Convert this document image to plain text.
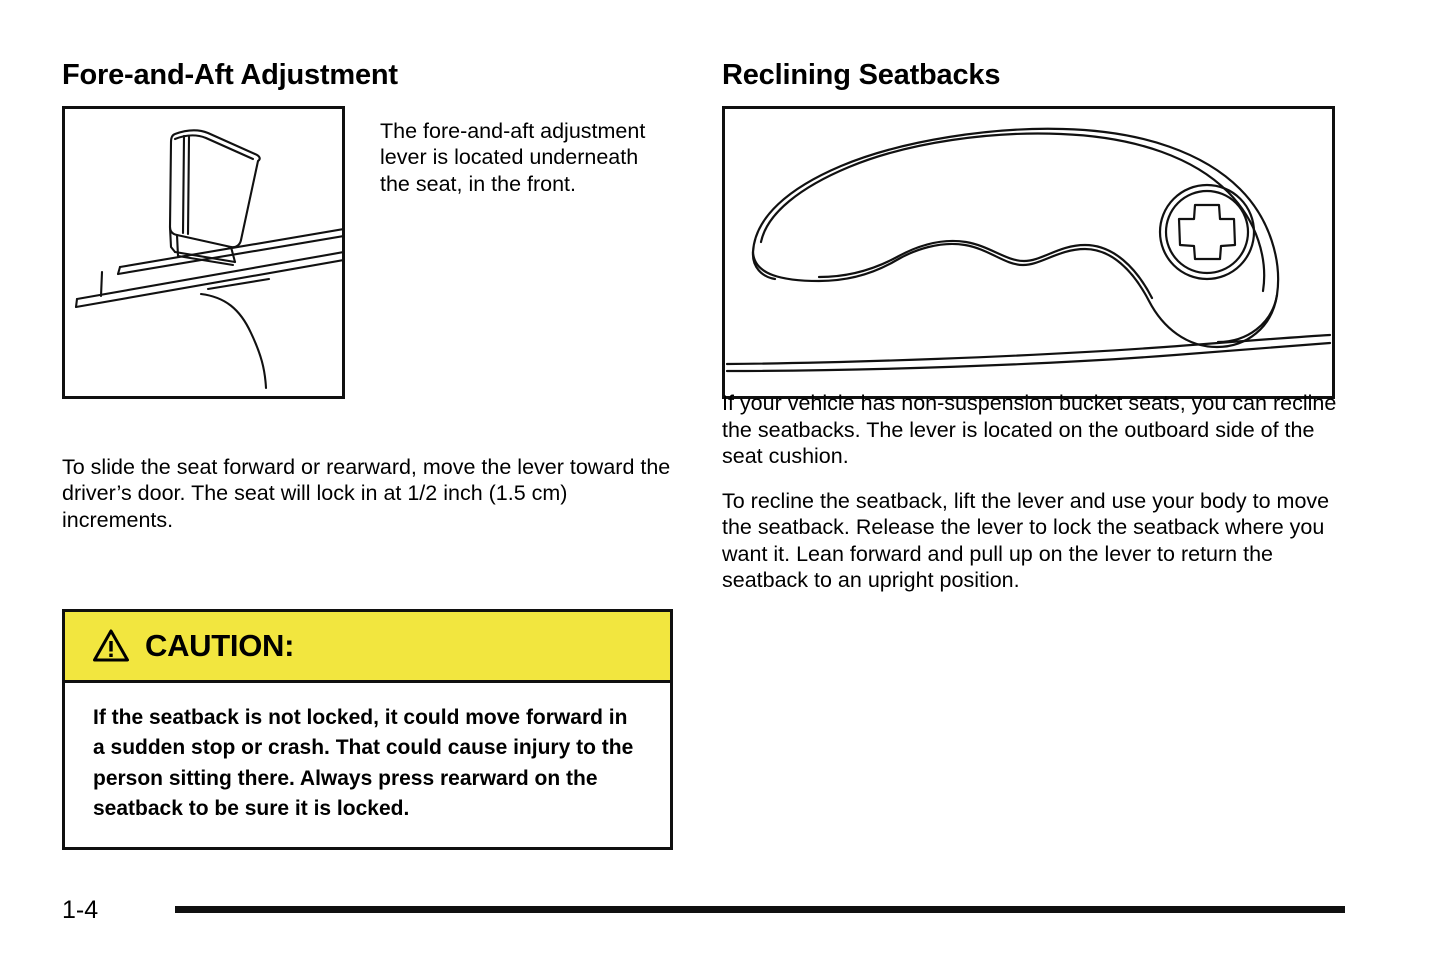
Fore-and-Aft Adjustment
The fore-and-aft adjustment lever is located underneath the seat, in the front.
To slide the seat forward or rearward, move the lever toward the driver’s door. The seat will lock in at 1/2 inch (1.5 cm) increments.
CAUTION:
If the seatback is not locked, it could move forward in a sudden stop or crash. That could cause injury to the person sitting there. Always press rearward on the seatback to be sure it is locked.
Reclining Seatbacks

If your vehicle has non-suspension bucket seats, you can recline the seatbacks. The lever is located on the outboard side of the seat cushion.

To recline the seatback, lift the lever and use your body to move the seatback. Release the lever to lock the seatback where you want it. Lean forward and pull up on the lever to return the seatback to an upright position.

1-4
